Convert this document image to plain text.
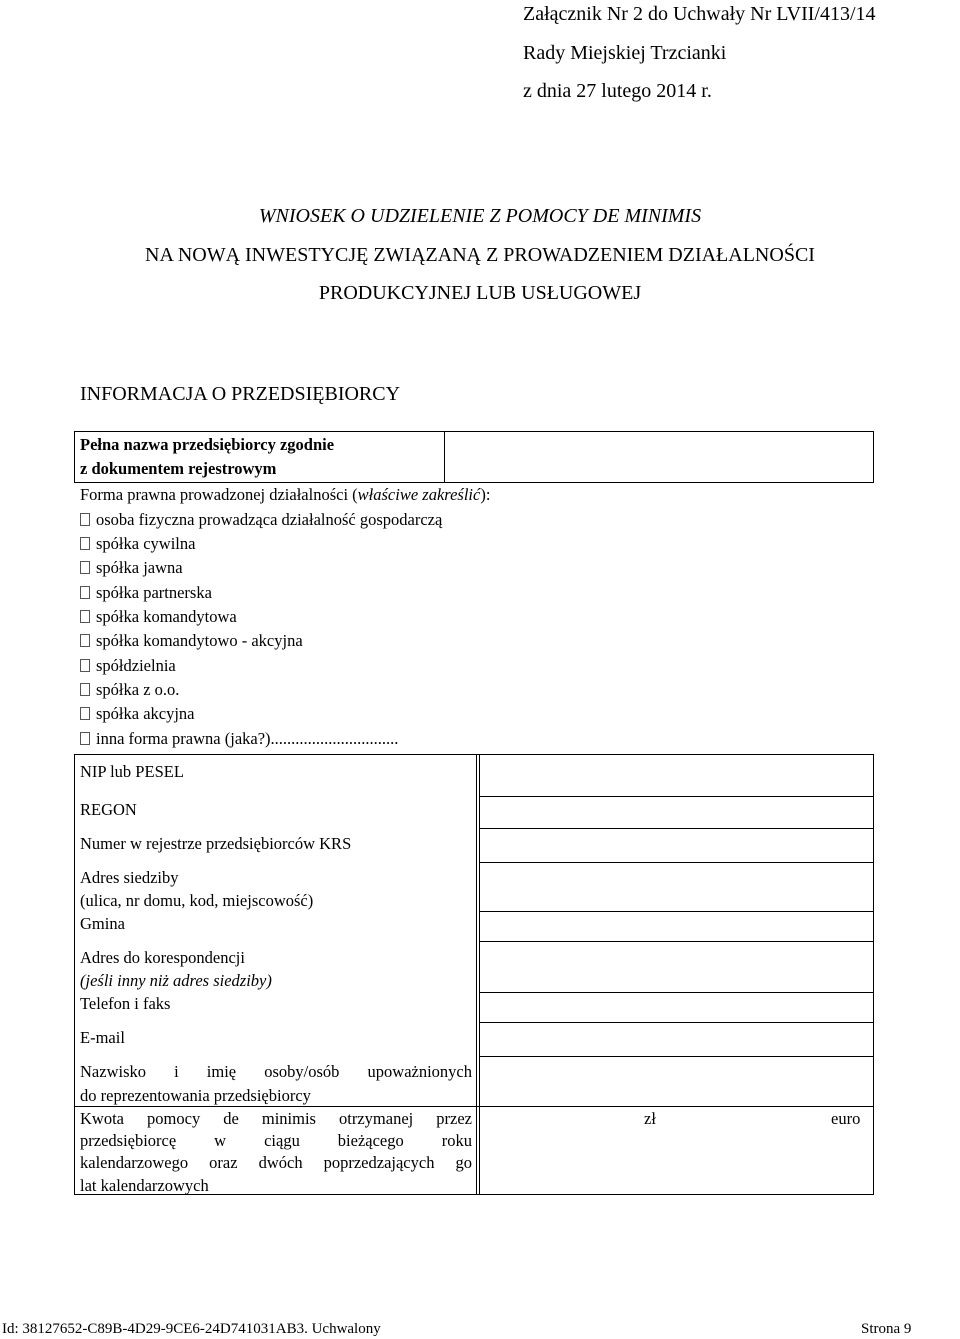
Załącznik Nr 2 do Uchwały Nr LVII/413/14
Rady Miejskiej Trzcianki
z dnia 27 lutego 2014 r.
WNIOSEK O UDZIELENIE Z POMOCY DE MINIMIS
NA NOWĄ INWESTYCJĘ ZWIĄZANĄ Z PROWADZENIEM DZIAŁALNOŚCI
PRODUKCYJNEJ LUB USŁUGOWEJ
INFORMACJA O PRZEDSIĘBIORCY
Pełna nazwa przedsiębiorcy zgodnie
z dokumentem rejestrowym
Forma prawna prowadzonej działalności (właściwe zakreślić):
osoba fizyczna prowadząca działalność gospodarczą
spółka cywilna
spółka jawna
spółka partnerska
spółka komandytowa
spółka komandytowo - akcyjna
spółdzielnia
spółka z o.o.
spółka akcyjna
inna forma prawna (jaka?)...............................
NIP lub PESEL
REGON
Numer w rejestrze przedsiębiorców KRS
Adres siedziby
(ulica, nr domu, kod, miejscowość)
Gmina
Adres do korespondencji
(jeśli inny niż adres siedziby)
Telefon i faks
E-mail
Nazwisko i imię osoby/osób upoważnionych
do reprezentowania przedsiębiorcy
Kwota pomocy de minimis otrzymanej przez
przedsiębiorcę w ciągu bieżącego roku
kalendarzowego oraz dwóch poprzedzających go
lat kalendarzowych
zł	euro
Id: 38127652-C89B-4D29-9CE6-24D741031AB3. Uchwalony	Strona 9
